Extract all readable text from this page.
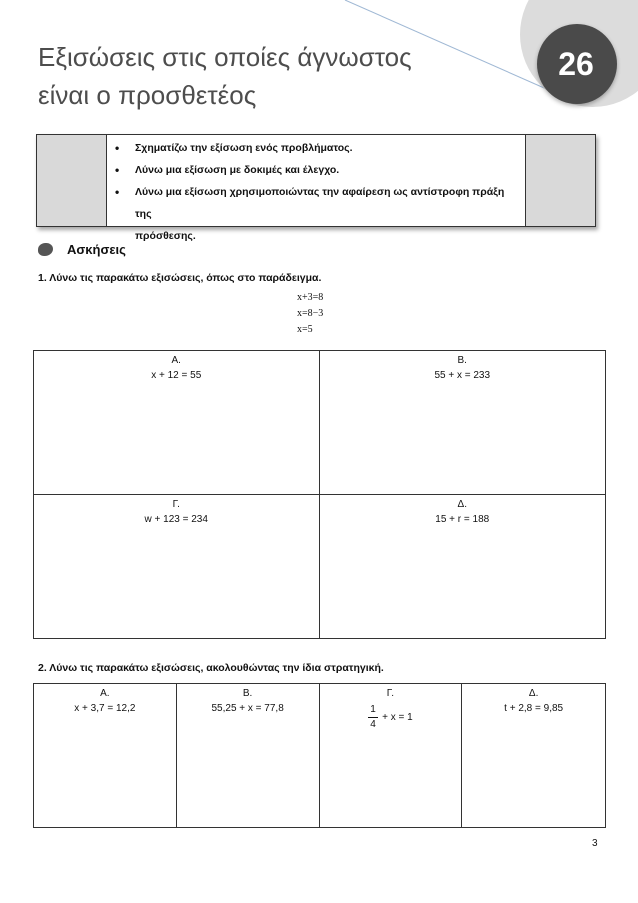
26
Εξισώσεις στις οποίες άγνωστος
είναι ο προσθετέος
• Σχηματίζω την εξίσωση ενός προβλήματος.
• Λύνω μια εξίσωση με δοκιμές και έλεγχο.
• Λύνω μια εξίσωση χρησιμοποιώντας την αφαίρεση ως αντίστροφη πράξη της
πρόσθεσης.
Ασκήσεις
1. Λύνω τις παρακάτω εξισώσεις, όπως στο παράδειγμα.
x+3=8
x=8−3
x=5
Α.
x + 12 = 55
Β.
55 + x = 233
Γ.
w + 123 = 234
Δ.
15 + r = 188
2. Λύνω τις παρακάτω εξισώσεις, ακολουθώντας την ίδια στρατηγική.
Α.
x + 3,7 = 12,2
Β.
55,25 + x = 77,8
Γ.
$\frac{1}{4} + x = 1$
Δ.
t + 2,8 = 9,85
3
